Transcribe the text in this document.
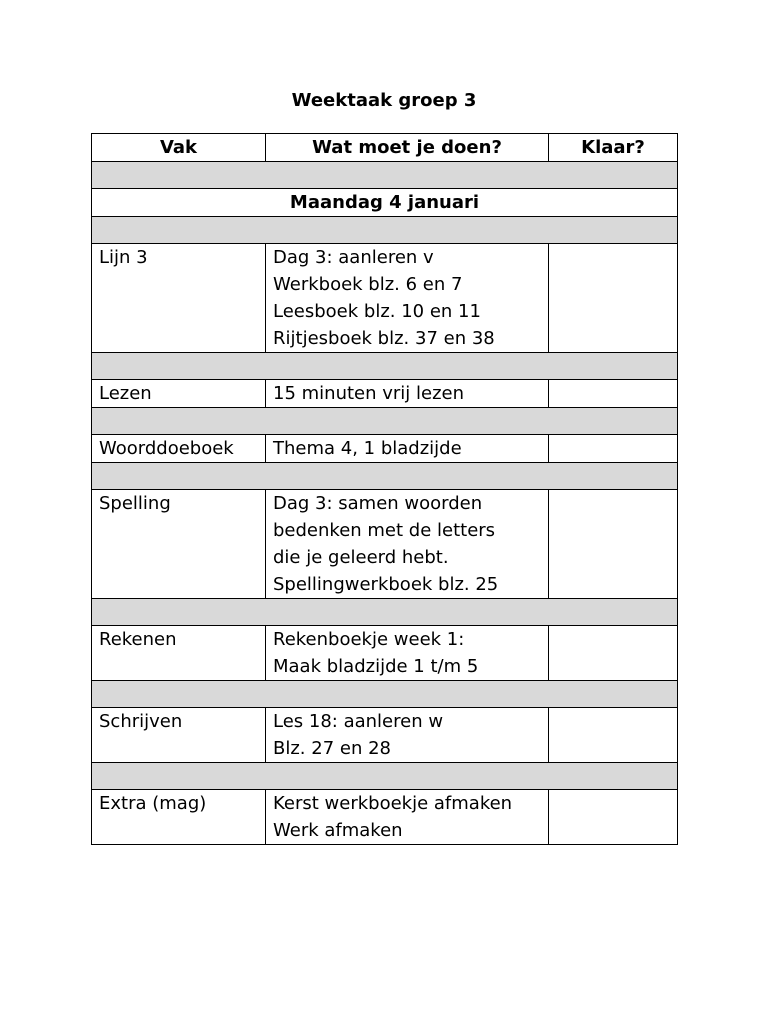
Weektaak groep 3
Vak	Wat moet je doen?	Klaar?

Maandag 4 januari		

Lijn 3	Dag 3: aanleren v
Werkboek blz. 6 en 7
Leesboek blz. 10 en 11
Rijtjesboek blz. 37 en 38	

Lezen	15 minuten vrij lezen	

Woorddoeboek	Thema 4, 1 bladzijde	

Spelling	Dag 3: samen woorden
bedenken met de letters
die je geleerd hebt.
Spellingwerkboek blz. 25	

Rekenen	Rekenboekje week 1:
Maak bladzijde 1 t/m 5	

Schrijven	Les 18: aanleren w
Blz. 27 en 28	

Extra (mag)	Kerst werkboekje afmaken
Werk afmaken	
